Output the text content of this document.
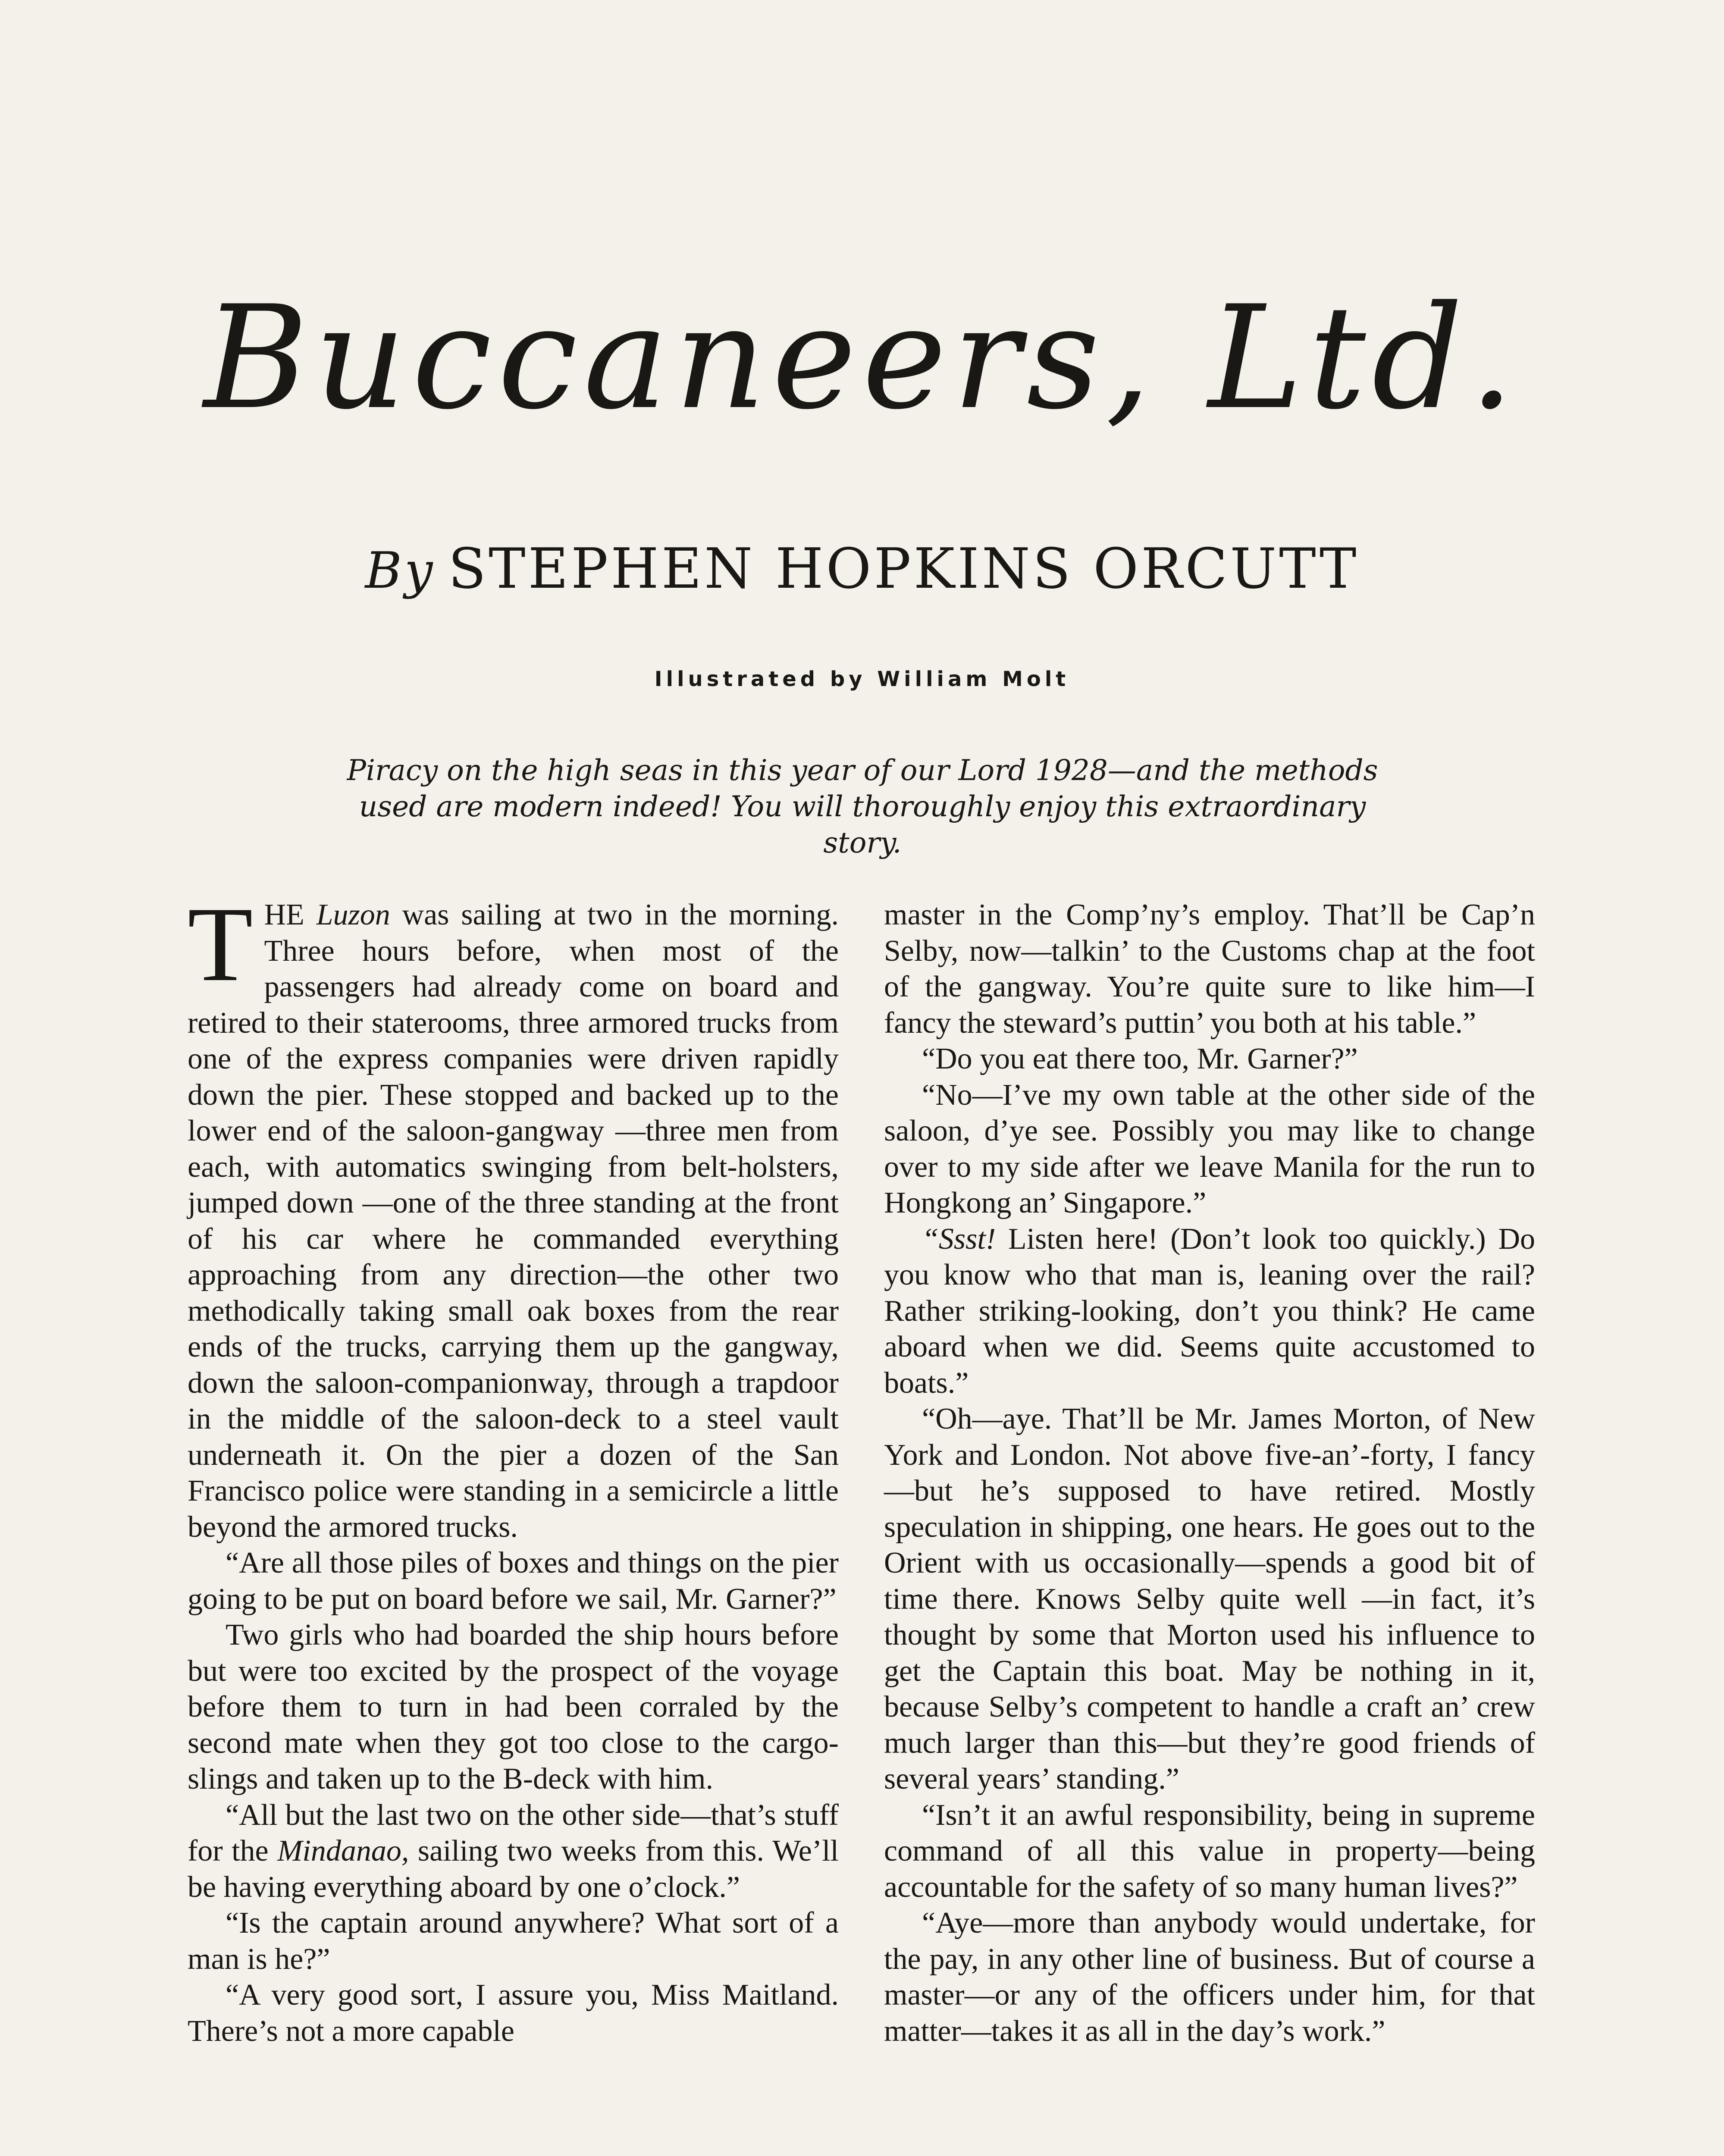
Buccaneers, Ltd.
By STEPHEN HOPKINS ORCUTT
Illustrated by William Molt
Piracy on the high seas in this year of our Lord 1928—and the methods used are modern indeed! You will thoroughly enjoy this extraordinary story.

THE Luzon was sailing at two in the morning. Three hours before, when most of the passengers had already come on board and retired to their staterooms, three armored trucks from one of the express companies were driven rapidly down the pier. These stopped and backed up to the lower end of the saloon-gangway —three men from each, with automatics swinging from belt-holsters, jumped down —one of the three standing at the front of his car where he commanded everything approaching from any direction—the other two methodically taking small oak boxes from the rear ends of the trucks, carrying them up the gangway, down the saloon-companionway, through a trapdoor in the middle of the saloon-deck to a steel vault underneath it. On the pier a dozen of the San Francisco police were standing in a semicircle a little beyond the armored trucks.

“Are all those piles of boxes and things on the pier going to be put on board before we sail, Mr. Garner?”

Two girls who had boarded the ship hours before but were too excited by the prospect of the voyage before them to turn in had been corraled by the second mate when they got too close to the cargo-slings and taken up to the B-deck with him.

“All but the last two on the other side—that’s stuff for the Mindanao, sailing two weeks from this. We’ll be having everything aboard by one o’clock.”

“Is the captain around anywhere? What sort of a man is he?”

“A very good sort, I assure you, Miss Maitland. There’s not a more capable

master in the Comp’ny’s employ. That’ll be Cap’n Selby, now—talkin’ to the Customs chap at the foot of the gangway. You’re quite sure to like him—I fancy the steward’s puttin’ you both at his table.”

“Do you eat there too, Mr. Garner?”

“No—I’ve my own table at the other side of the saloon, d’ye see. Possibly you may like to change over to my side after we leave Manila for the run to Hongkong an’ Singapore.”

“Ssst! Listen here! (Don’t look too quickly.) Do you know who that man is, leaning over the rail? Rather striking-looking, don’t you think? He came aboard when we did. Seems quite accustomed to boats.”

“Oh—aye. That’ll be Mr. James Morton, of New York and London. Not above five-an’-forty, I fancy—but he’s supposed to have retired. Mostly speculation in shipping, one hears. He goes out to the Orient with us occasionally—spends a good bit of time there. Knows Selby quite well —in fact, it’s thought by some that Morton used his influence to get the Captain this boat. May be nothing in it, because Selby’s competent to handle a craft an’ crew much larger than this—but they’re good friends of several years’ standing.”

“Isn’t it an awful responsibility, being in supreme command of all this value in property—being accountable for the safety of so many human lives?”

“Aye—more than anybody would undertake, for the pay, in any other line of business. But of course a master—or any of the officers under him, for that matter—takes it as all in the day’s work.”
